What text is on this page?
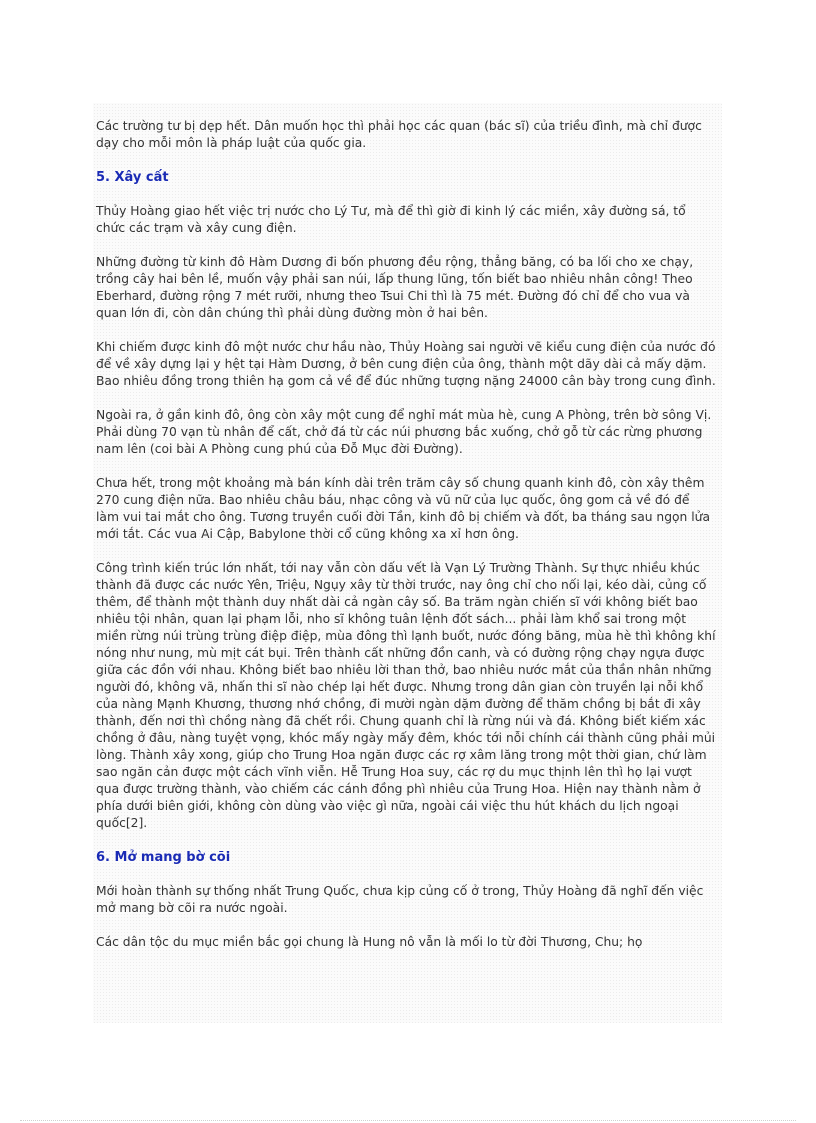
Các trường tư bị dẹp hết. Dân muốn học thì phải học các quan (bác sĩ) của triều đình, mà chỉ được dạy cho mỗi môn là pháp luật của quốc gia.

5. Xây cất

Thủy Hoàng giao hết việc trị nước cho Lý Tư, mà để thì giờ đi kinh lý các miền, xây đường sá, tổ chức các trạm và xây cung điện.

Những đường từ kinh đô Hàm Dương đi bốn phương đều rộng, thẳng băng, có ba lối cho xe chạy, trồng cây hai bên lề, muốn vậy phải san núi, lấp thung lũng, tốn biết bao nhiêu nhân công! Theo Eberhard, đường rộng 7 mét rưỡi, nhưng theo Tsui Chi thì là 75 mét. Đường đó chỉ để cho vua và quan lớn đi, còn dân chúng thì phải dùng đường mòn ở hai bên.

Khi chiếm được kinh đô một nước chư hầu nào, Thủy Hoàng sai người vẽ kiểu cung điện của nước đó để về xây dựng lại y hệt tại Hàm Dương, ở bên cung điện của ông, thành một dãy dài cả mấy dặm. Bao nhiêu đồng trong thiên hạ gom cả về để đúc những tượng nặng 24000 cân bày trong cung đình.

Ngoài ra, ở gần kinh đô, ông còn xây một cung để nghỉ mát mùa hè, cung A Phòng, trên bờ sông Vị. Phải dùng 70 vạn tù nhân để cất, chở đá từ các núi phương bắc xuống, chở gỗ từ các rừng phương nam lên (coi bài A Phòng cung phú của Đỗ Mục đời Đường).

Chưa hết, trong một khoảng mà bán kính dài trên trăm cây số chung quanh kinh đô, còn xây thêm 270 cung điện nữa. Bao nhiêu châu báu, nhạc công và vũ nữ của lục quốc, ông gom cả về đó để làm vui tai mắt cho ông. Tương truyền cuối đời Tần, kinh đô bị chiếm và đốt, ba tháng sau ngọn lửa mới tắt. Các vua Ai Cập, Babylone thời cổ cũng không xa xỉ hơn ông.

Công trình kiến trúc lớn nhất, tới nay vẫn còn dấu vết là Vạn Lý Trường Thành. Sự thực nhiều khúc thành đã được các nước Yên, Triệu, Ngụy xây từ thời trước, nay ông chỉ cho nối lại, kéo dài, củng cố thêm, để thành một thành duy nhất dài cả ngàn cây số. Ba trăm ngàn chiến sĩ với không biết bao nhiêu tội nhân, quan lại phạm lỗi, nho sĩ không tuân lệnh đốt sách... phải làm khổ sai trong một miền rừng núi trùng trùng điệp điệp, mùa đông thì lạnh buốt, nước đóng băng, mùa hè thì không khí nóng như nung, mù mịt cát bụi. Trên thành cất những đồn canh, và có đường rộng chạy ngựa được giữa các đồn với nhau. Không biết bao nhiêu lời than thở, bao nhiêu nước mắt của thần nhân những người đó, không vã, nhấn thi sĩ nào chép lại hết được. Nhưng trong dân gian còn truyền lại nỗi khổ của nàng Mạnh Khương, thương nhớ chồng, đi mười ngàn dặm đường để thăm chồng bị bắt đi xây thành, đến nơi thì chồng nàng đã chết rồi. Chung quanh chỉ là rừng núi và đá. Không biết kiếm xác chồng ở đâu, nàng tuyệt vọng, khóc mấy ngày mấy đêm, khóc tới nỗi chính cái thành cũng phải mủi lòng. Thành xây xong, giúp cho Trung Hoa ngăn được các rợ xâm lăng trong một thời gian, chứ làm sao ngăn cản được một cách vĩnh viễn. Hễ Trung Hoa suy, các rợ du mục thịnh lên thì họ lại vượt qua được trường thành, vào chiếm các cánh đồng phì nhiêu của Trung Hoa. Hiện nay thành nằm ở phía dưới biên giới, không còn dùng vào việc gì nữa, ngoài cái việc thu hút khách du lịch ngoại quốc[2].

6. Mở mang bờ cõi

Mới hoàn thành sự thống nhất Trung Quốc, chưa kịp củng cố ở trong, Thủy Hoàng đã nghĩ đến việc mở mang bờ cõi ra nước ngoài.

Các dân tộc du mục miền bắc gọi chung là Hung nô vẫn là mối lo từ đời Thương, Chu; họ
